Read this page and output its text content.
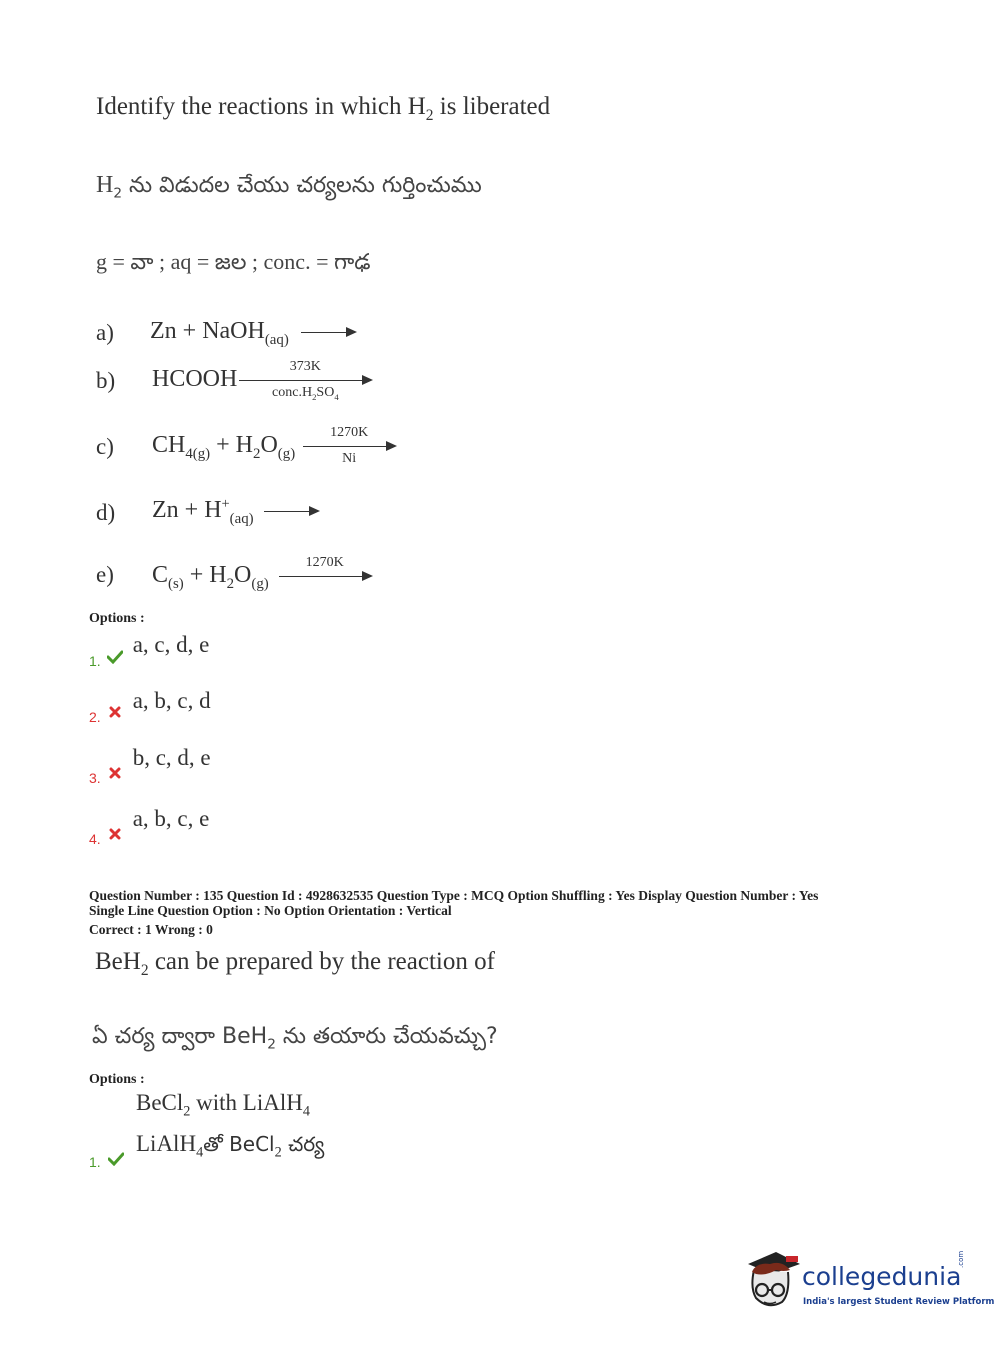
Identify the reactions in which $H_2$ is liberated
$H_2$ ను విడుదల చేయు చర్యలను గుర్తించుము
g = వా ; aq = జల ; conc. = గాఢ
a) Zn + NaOH$_{(aq)}$
b) HCOOH	373K
$conc.H_2SO_4$
c) $CH_{4(g)} + H_2O_{(g)} \frac{1270K}{Ni}$
d) $Zn + H^+_{(aq)}$
e) $C_{(s)} + H_2O_{(g)}$
1270K
Options :
1.  a, c, d, e
2.  a, b, c, d
3.  b, c, d, e
4.  a, b, c, e
Question Number : 135 Question Id : 4928632535 Question Type : MCQ Option Shuffling : Yes Display Question Number : Yes
Single Line Question Option : No Option Orientation : Vertical
Correct : 1 Wrong : 0
BeH$_2$ can be prepared by the reaction of
ఏ చర్య ద్వారా BeH$_2$ ను తయారు చేయవచ్చు?
Options :
BeCl$_2$ with LiAlH$_4$
LiAlH$_4$తో BeCl$_2$ చర్య
1.
collegedunia
.com
India's largest Student Review Platform
